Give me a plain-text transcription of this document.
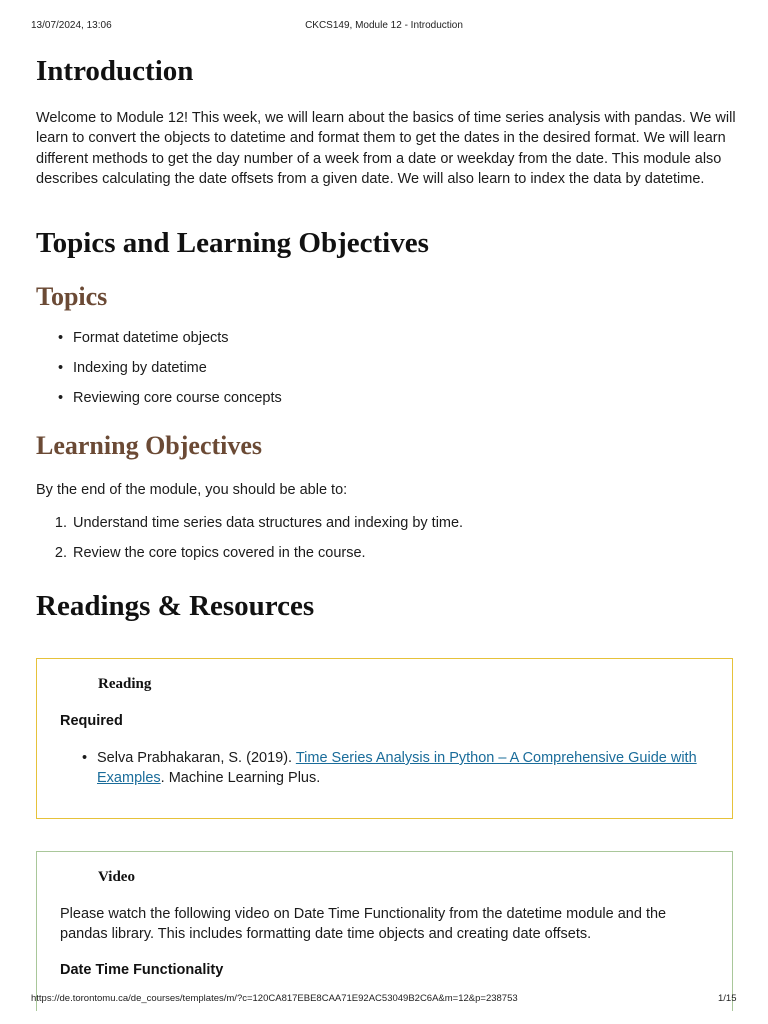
13/07/2024, 13:06	CKCS149, Module 12 - Introduction
Introduction

Welcome to Module 12! This week, we will learn about the basics of time series analysis with pandas. We will learn to convert the objects to datetime and format them to get the dates in the desired format. We will learn different methods to get the day number of a week from a date or weekday from the date. This module also describes calculating the date offsets from a given date. We will also learn to index the data by datetime.

Topics and Learning Objectives
Topics
• Format datetime objects
• Indexing by datetime
• Reviewing core course concepts
Learning Objectives

By the end of the module, you should be able to:

1. Understand time series data structures and indexing by time.
2. Review the core topics covered in the course.
Readings & Resources
Reading
Required
• Selva Prabhakaran, S. (2019). Time Series Analysis in Python – A Comprehensive Guide with Examples. Machine Learning Plus.
Video

Please watch the following video on Date Time Functionality from the datetime module and the pandas library. This includes formatting date time objects and creating date offsets.

Date Time Functionality
https://de.torontomu.ca/de_courses/templates/m/?c=120CA817EBE8CAA71E92AC53049B2C6A&m=12&p=238753	1/15
